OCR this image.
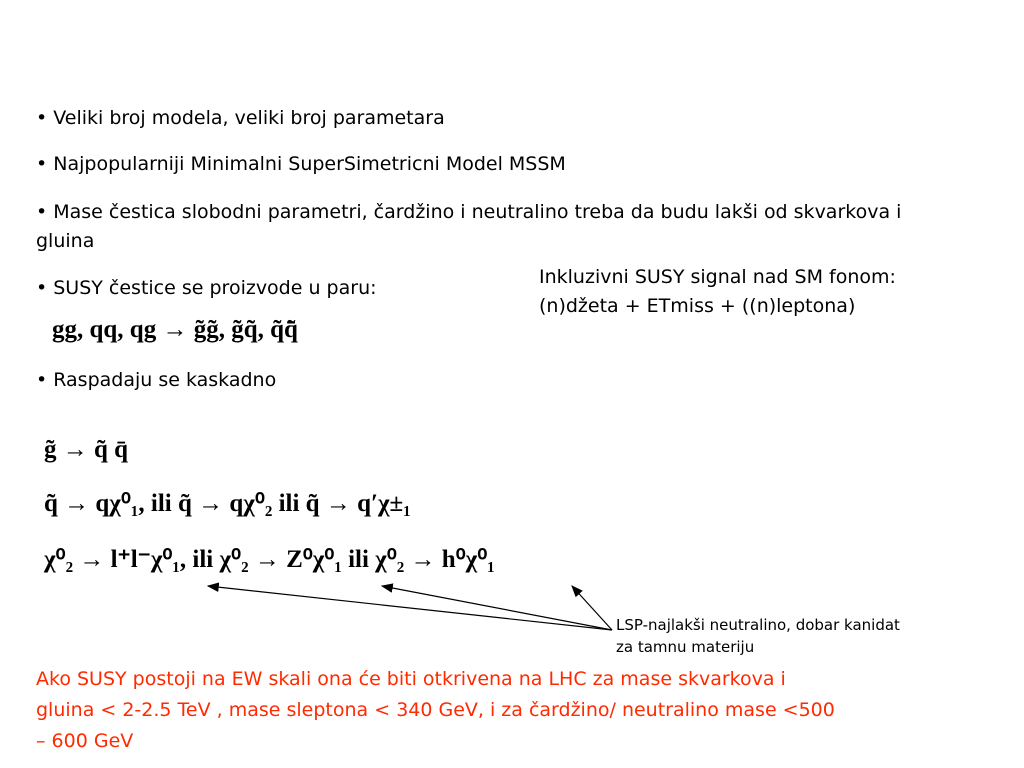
• Veliki broj modela, veliki broj parametara
• Najpopularniji Minimalni SuperSimetricni Model MSSM
• Mase čestica slobodni parametri, čardžino i neutralino treba da budu lakši od skvarkova i gluina
• SUSY čestice se proizvode u paru:
• Raspadaju se kaskadno
Inkluzivni SUSY signal nad SM fonom:
(n)džeta + ETmiss + ((n)leptona)
gg, qq, qg → g̃g̃, g̃q̃, q̃q̄̃
g̃ → q̃ q̄
q̃ → qχ⁰₁, ili q̃ → qχ⁰₂ ili q̃ → q′χ±₁
χ⁰₂ → l⁺l⁻χ⁰₁, ili χ⁰₂ → Z⁰χ⁰₁ ili χ⁰₂ → h⁰χ⁰₁
LSP-najlakši neutralino, dobar kanidat
za tamnu materiju
Ako SUSY postoji na EW skali ona će biti otkrivena na LHC za mase skvarkova i gluina < 2-2.5 TeV , mase sleptona < 340 GeV, i za čardžino/ neutralino mase <500 – 600 GeV
